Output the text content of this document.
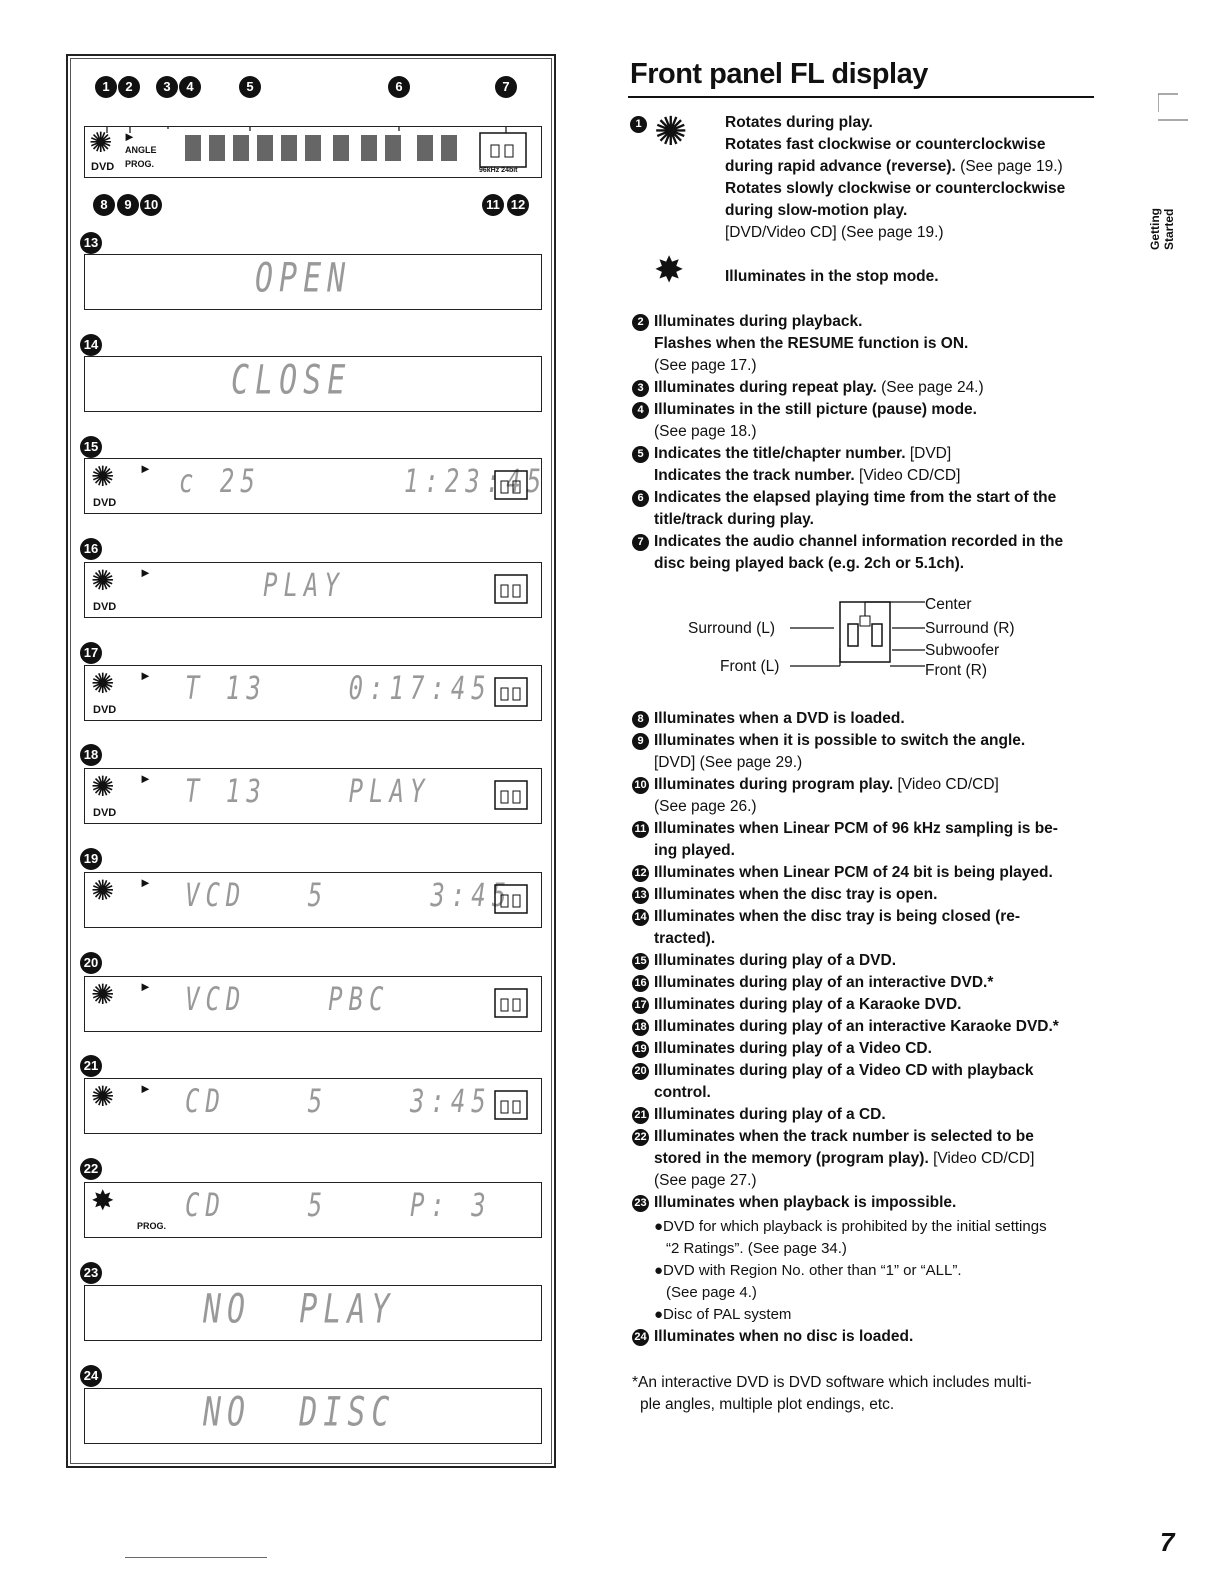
1	2	3	4	5	6	7
✺ ►
ANGLE
PROG.
DVD	96kHz 24bit
8	9 10	11 12
13
OPEN
14
CLOSE
15
✺ ►
DVD
c 25       1:23:45
16
✺ ►
DVD
PLAY
17
✺ ►
DVD
T 13    0:17:45
18
✺ ►
DVD
T 13    PLAY
19
✺ ► VCD   5     3:45
20
✺ ► VCD    PBC
21
✺ ► CD    5    3:45
22
✸
PROG.
CD    5    P: 3
23
NO  PLAY
24
NO  DISC
Front panel FL display
Getting Started
1 ✺ Rotates during play.
Rotates fast clockwise or counterclockwise
during rapid advance (reverse). (See page 19.)
Rotates slowly clockwise or counterclockwise
during slow-motion play.
[DVD/Video CD] (See page 19.)
✸	Illuminates in the stop mode.
2 Illuminates during playback.
Flashes when the RESUME function is ON.
(See page 17.)
3 Illuminates during repeat play. (See page 24.)
4 Illuminates in the still picture (pause) mode.
(See page 18.)
5 Indicates the title/chapter number. [DVD]
Indicates the track number. [Video CD/CD]
6 Indicates the elapsed playing time from the start of the
title/track during play.
7 Indicates the audio channel information recorded in the
disc being played back (e.g. 2ch or 5.1ch).
Center
Surround (L)	Surround (R)
Subwoofer
Front (L)	Front (R)
8 Illuminates when a DVD is loaded.
9 Illuminates when it is possible to switch the angle.
[DVD] (See page 29.)
10 Illuminates during program play. [Video CD/CD]
(See page 26.)
11 Illuminates when Linear PCM of 96 kHz sampling is be-
ing played.
12 Illuminates when Linear PCM of 24 bit is being played.
13 Illuminates when the disc tray is open.
14 Illuminates when the disc tray is being closed (re-
tracted).
15 Illuminates during play of a DVD.
16 Illuminates during play of an interactive DVD.*
17 Illuminates during play of a Karaoke DVD.
18 Illuminates during play of an interactive Karaoke DVD.*
19 Illuminates during play of a Video CD.
20 Illuminates during play of a Video CD with playback
control.
21 Illuminates during play of a CD.
22 Illuminates when the track number is selected to be
stored in the memory (program play). [Video CD/CD]
(See page 27.)
23 Illuminates when playback is impossible.
●DVD for which playback is prohibited by the initial settings
“2 Ratings”. (See page 34.)
●DVD with Region No. other than “1” or “ALL”.
(See page 4.)
●Disc of PAL system
24 Illuminates when no disc is loaded.
*An interactive DVD is DVD software which includes multi-
ple angles, multiple plot endings, etc.
7
